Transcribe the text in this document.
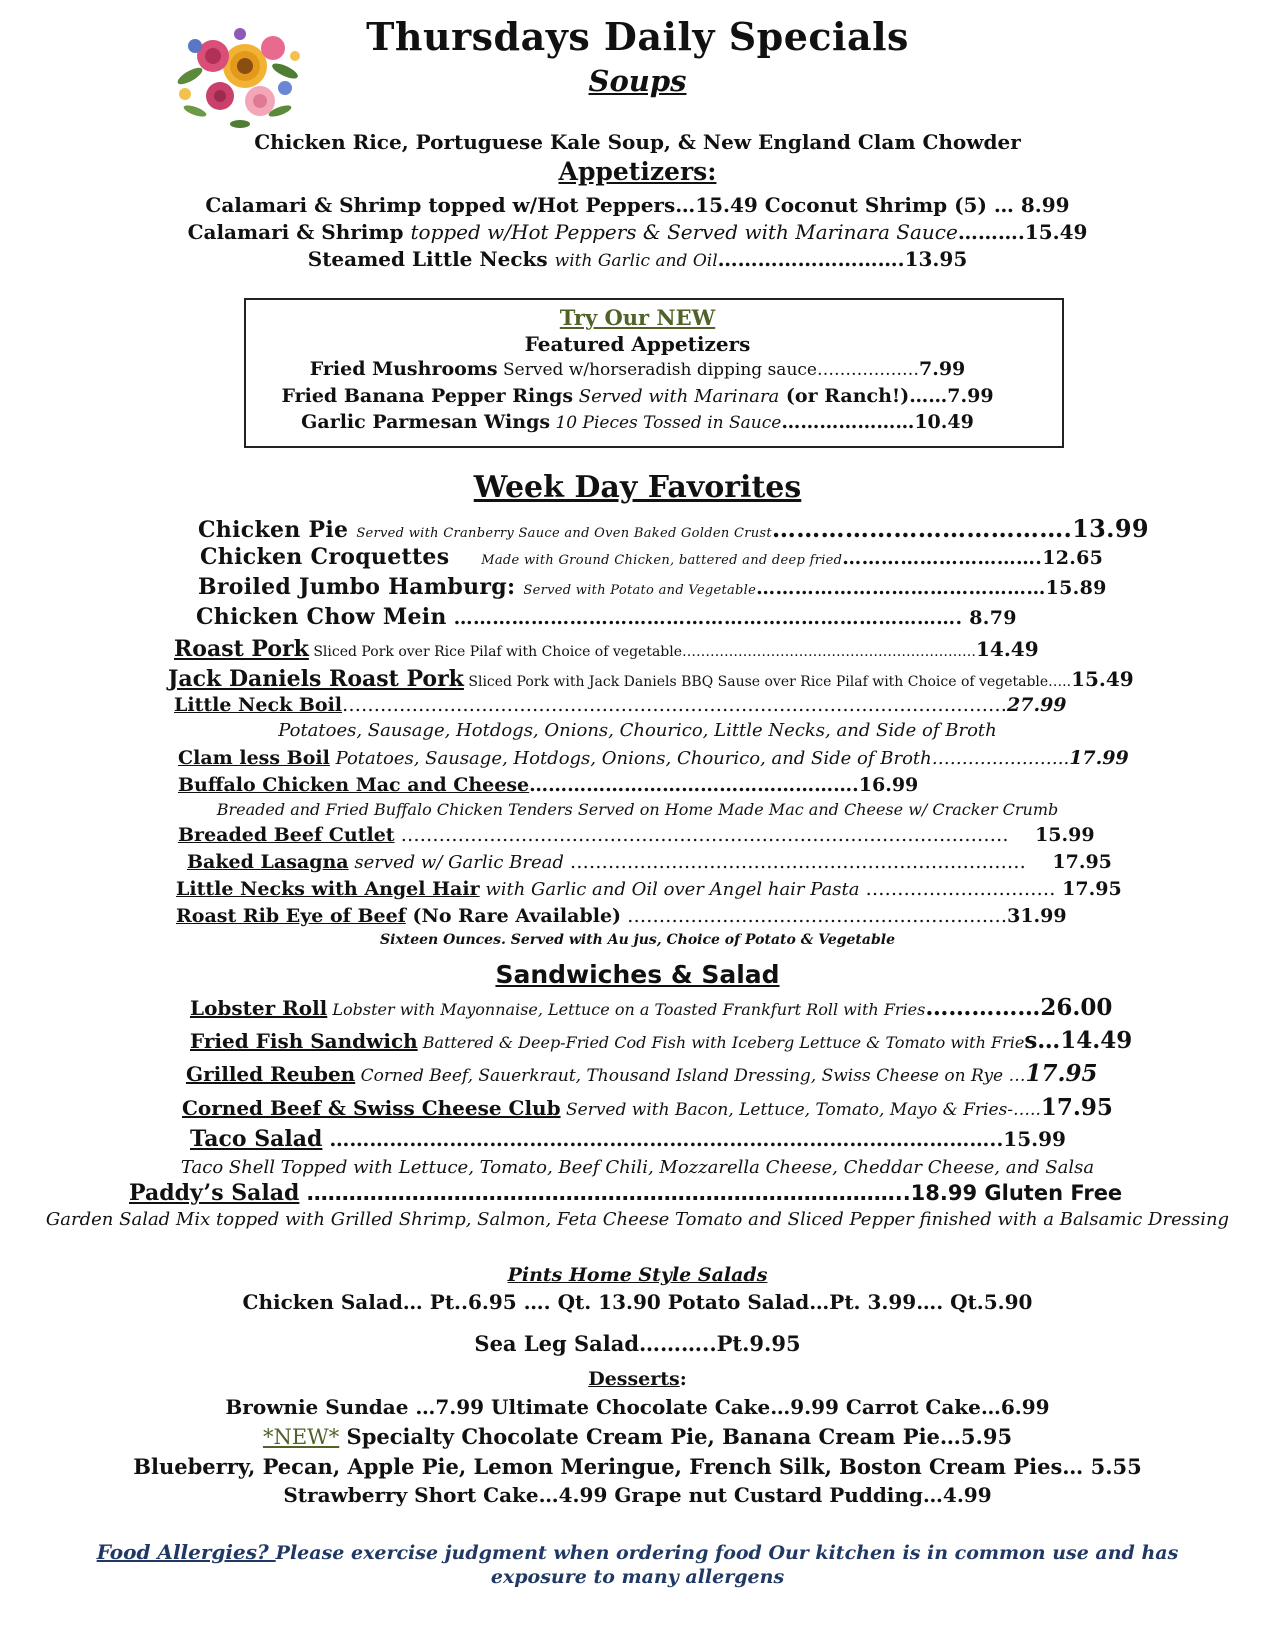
Thursdays Daily Specials
Soups
Chicken Rice, Portuguese Kale Soup, & New England Clam Chowder
Appetizers:
Calamari & Shrimp topped w/Hot Peppers…15.49 Coconut Shrimp (5) … 8.99
Calamari & Shrimp topped w/Hot Peppers & Served with Marinara Sauce……….15.49
Steamed Little Necks with Garlic and Oil……………………….13.95
Try Our NEW
Featured Appetizers
Fried Mushrooms Served w/horseradish dipping sauce………………7.99
Fried Banana Pepper Rings Served with Marinara (or Ranch!)……7.99
Garlic Parmesan Wings 10 Pieces Tossed in Sauce…………………10.49
Week Day Favorites
Chicken Pie Served with Cranberry Sauce and Oven Baked Golden Crust……………………………….13.99
Chicken Croquettes Made with Ground Chicken, battered and deep fried………………………….12.65
Broiled Jumbo Hamburg: Served with Potato and Vegetable………………………………………15.89
Chicken Chow Mein ……………………………………………………………………. 8.79
Roast Pork Sliced Pork over Rice Pilaf with Choice of vegetable………………………………………………………14.49
Jack Daniels Roast Pork Sliced Pork with Jack Daniels BBQ Sause over Rice Pilaf with Choice of vegetable…..15.49
Little Neck Boil……………………………………………………………………………………………27.99
Potatoes, Sausage, Hotdogs, Onions, Chourico, Little Necks, and Side of Broth
Clam less Boil Potatoes, Sausage, Hotdogs, Onions, Chourico, and Side of Broth…………………..17.99
Buffalo Chicken Mac and Cheese…………………………………………….16.99
Breaded and Fried Buffalo Chicken Tenders Served on Home Made Mac and Cheese w/ Cracker Crumb
Breaded Beef Cutlet …………………………………………………………………………………… 15.99
Baked Lasagna served w/ Garlic Bread ……………………………………………………………… 17.95
Little Necks with Angel Hair with Garlic and Oil over Angel hair Pasta ………………………… 17.95
Roast Rib Eye of Beef (No Rare Available) ……………………………………………………31.99
Sixteen Ounces. Served with Au jus, Choice of Potato & Vegetable
Sandwiches & Salad
Lobster Roll Lobster with Mayonnaise, Lettuce on a Toasted Frankfurt Roll with Fries……………26.00
Fried Fish Sandwich Battered & Deep-Fried Cod Fish with Iceberg Lettuce & Tomato with Fries…14.49
Grilled Reuben Corned Beef, Sauerkraut, Thousand Island Dressing, Swiss Cheese on Rye …17.95
Corned Beef & Swiss Cheese Club Served with Bacon, Lettuce, Tomato, Mayo & Fries-…..17.95
Taco Salad ………………………………………………………………………………………..15.99
Taco Shell Topped with Lettuce, Tomato, Beef Chili, Mozzarella Cheese, Cheddar Cheese, and Salsa
Paddy’s Salad …………………………………………………………………………..18.99 Gluten Free
Garden Salad Mix topped with Grilled Shrimp, Salmon, Feta Cheese Tomato and Sliced Pepper finished with a Balsamic Dressing
Pints Home Style Salads
Chicken Salad… Pt..6.95 …. Qt. 13.90 Potato Salad…Pt. 3.99…. Qt.5.90
Sea Leg Salad………..Pt.9.95
Desserts:
Brownie Sundae …7.99 Ultimate Chocolate Cake…9.99 Carrot Cake…6.99
*NEW* Specialty Chocolate Cream Pie, Banana Cream Pie…5.95
Blueberry, Pecan, Apple Pie, Lemon Meringue, French Silk, Boston Cream Pies… 5.55
Strawberry Short Cake…4.99 Grape nut Custard Pudding…4.99
Food Allergies? Please exercise judgment when ordering food Our kitchen is in common use and has
exposure to many allergens
